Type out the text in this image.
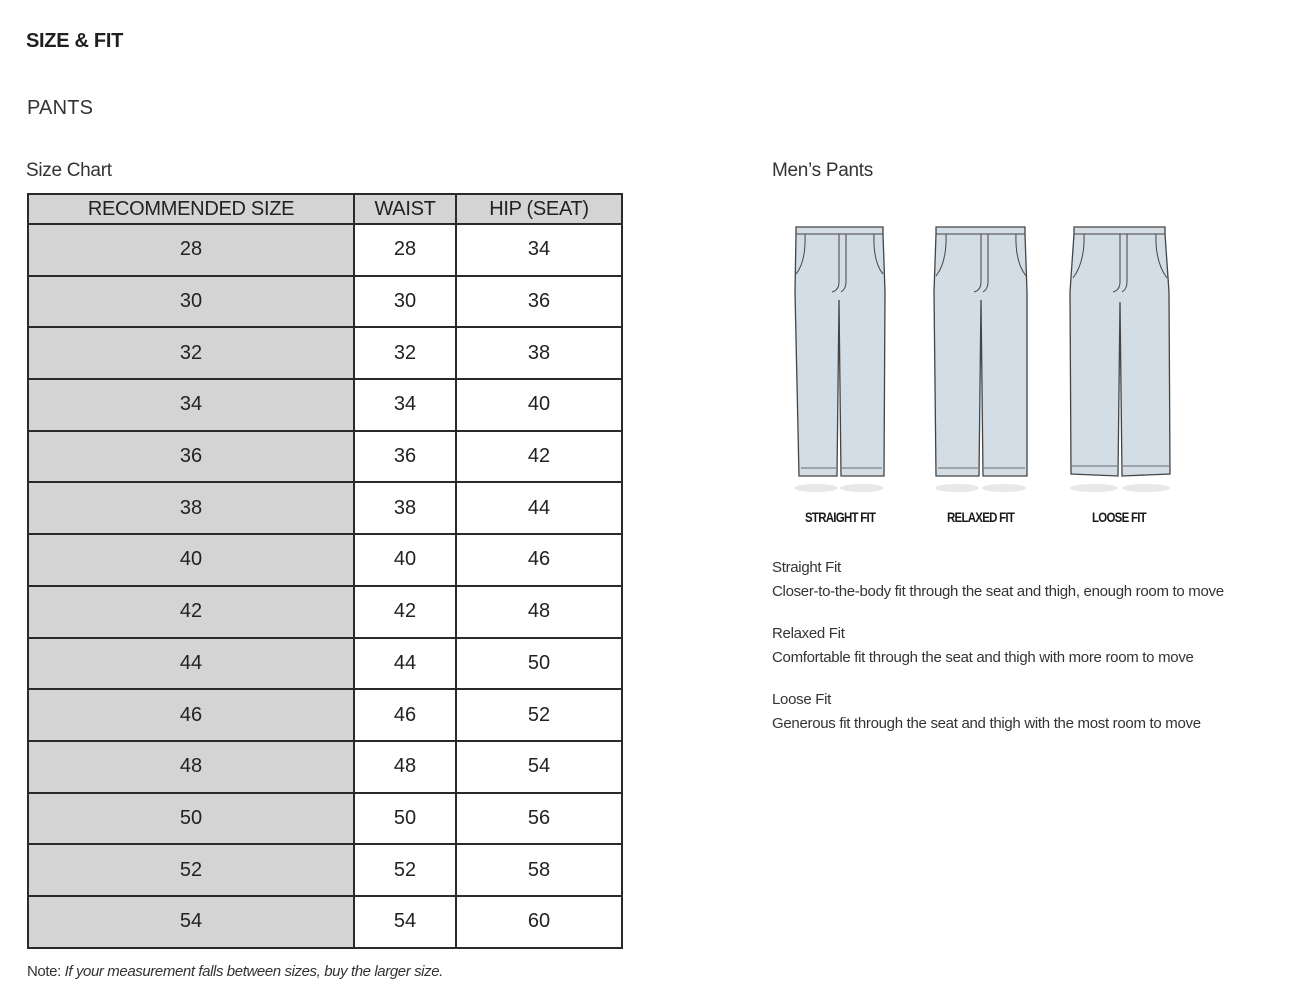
SIZE & FIT
PANTS
Size Chart
RECOMMENDED SIZE	WAIST	HIP (SEAT)
28	28	34
30	30	36
32	32	38
34	34	40
36	36	42
38	38	44
40	40	46
42	42	48
44	44	50
46	46	52
48	48	54
50	50	56
52	52	58
54	54	60
Note: If your measurement falls between sizes, buy the larger size.
Men’s Pants
STRAIGHT FIT	RELAXED FIT	LOOSE FIT
Straight Fit
Closer-to-the-body fit through the seat and thigh, enough room to move
Relaxed Fit
Comfortable fit through the seat and thigh with more room to move
Loose Fit
Generous fit through the seat and thigh with the most room to move
